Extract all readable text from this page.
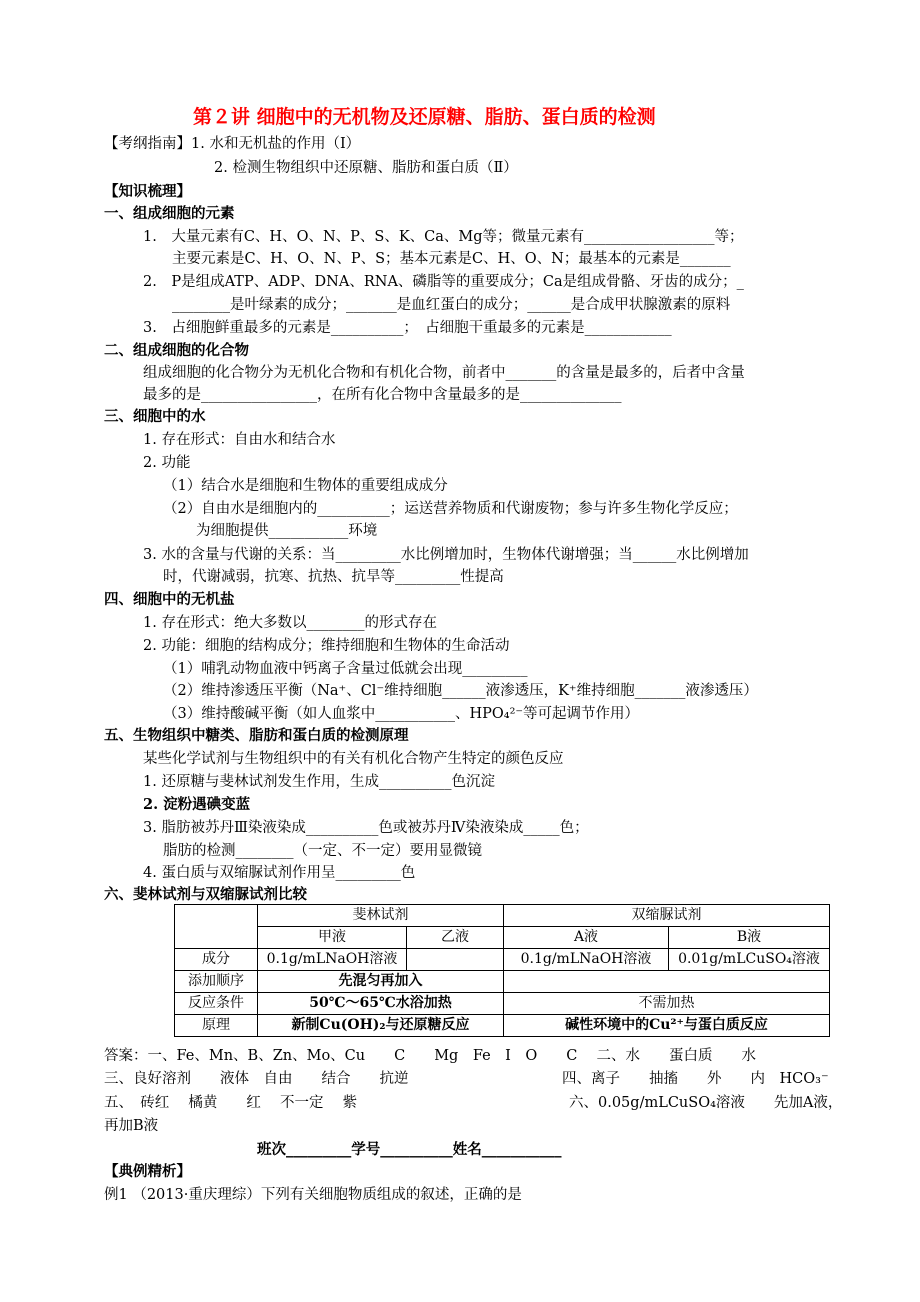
第２讲 细胞中的无机物及还原糖、脂肪、蛋白质的检测
【考纲指南】1. 水和无机盐的作用（Ⅰ）
2. 检测生物组织中还原糖、脂肪和蛋白质（Ⅱ）
【知识梳理】
一、组成细胞的元素
1.　大量元素有C、H、O、N、P、S、K、Ca、Mg等；微量元素有__________________等；
主要元素是C、H、O、N、P、S；基本元素是C、H、O、N；最基本的元素是_______
2.　P是组成ATP、ADP、DNA、RNA、磷脂等的重要成分；Ca是组成骨骼、牙齿的成分；_
________是叶绿素的成分；_______是血红蛋白的成分；______是合成甲状腺激素的原料
3.　占细胞鲜重最多的元素是__________；　占细胞干重最多的元素是____________
二、组成细胞的化合物
组成细胞的化合物分为无机化合物和有机化合物，前者中_______的含量是最多的，后者中含量
最多的是________________，在所有化合物中含量最多的是______________
三、细胞中的水
1. 存在形式：自由水和结合水
2. 功能
（1）结合水是细胞和生物体的重要组成成分
（2）自由水是细胞内的__________；运送营养物质和代谢废物；参与许多生物化学反应；
为细胞提供___________环境
3. 水的含量与代谢的关系：当_________水比例增加时，生物体代谢增强；当______水比例增加
时，代谢减弱，抗寒、抗热、抗旱等_________性提高
四、细胞中的无机盐
1. 存在形式：绝大多数以________的形式存在
2. 功能：细胞的结构成分；维持细胞和生物体的生命活动
（1）哺乳动物血液中钙离子含量过低就会出现_________
（2）维持渗透压平衡（Na⁺、Cl⁻维持细胞______液渗透压，K⁺维持细胞_______液渗透压）
（3）维持酸碱平衡（如人血浆中___________、HPO₄²⁻等可起调节作用）
五、生物组织中糖类、脂肪和蛋白质的检测原理
某些化学试剂与生物组织中的有关有机化合物产生特定的颜色反应
1. 还原糖与斐林试剂发生作用，生成__________色沉淀
2. 淀粉遇碘变蓝
3. 脂肪被苏丹Ⅲ染液染成__________色或被苏丹Ⅳ染液染成_____色；
脂肪的检测________（一定、不一定）要用显微镜
4. 蛋白质与双缩脲试剂作用呈_________色
六、斐林试剂与双缩脲试剂比较
	斐林试剂		双缩脲试剂	
	甲液	乙液	A液	B液
成分	0.1g/mLNaOH溶液		0.1g/mLNaOH溶液	0.01g/mLCuSO₄溶液
添加顺序	先混匀再加入			
反应条件	50℃～65℃水浴加热		不需加热	
原理	新制Cu(OH)₂与还原糖反应		碱性环境中的Cu²⁺与蛋白质反应	
答案：一、Fe、Mn、B、Zn、Mo、Cu　　C　　Mg　Fe　I　O　　C　 二、水　　蛋白质　　水
三、良好溶剂　　液体　自由　　结合　　抗逆	四、离子　　抽搐　　外　　内　HCO₃⁻
五、　砖红　 橘黄　　红　 不一定　 紫	六、0.05g/mLCuSO₄溶液　　先加A液，
再加B液
班次_________学号__________姓名___________
【典例精析】
例1 （2013·重庆理综）下列有关细胞物质组成的叙述，正确的是
